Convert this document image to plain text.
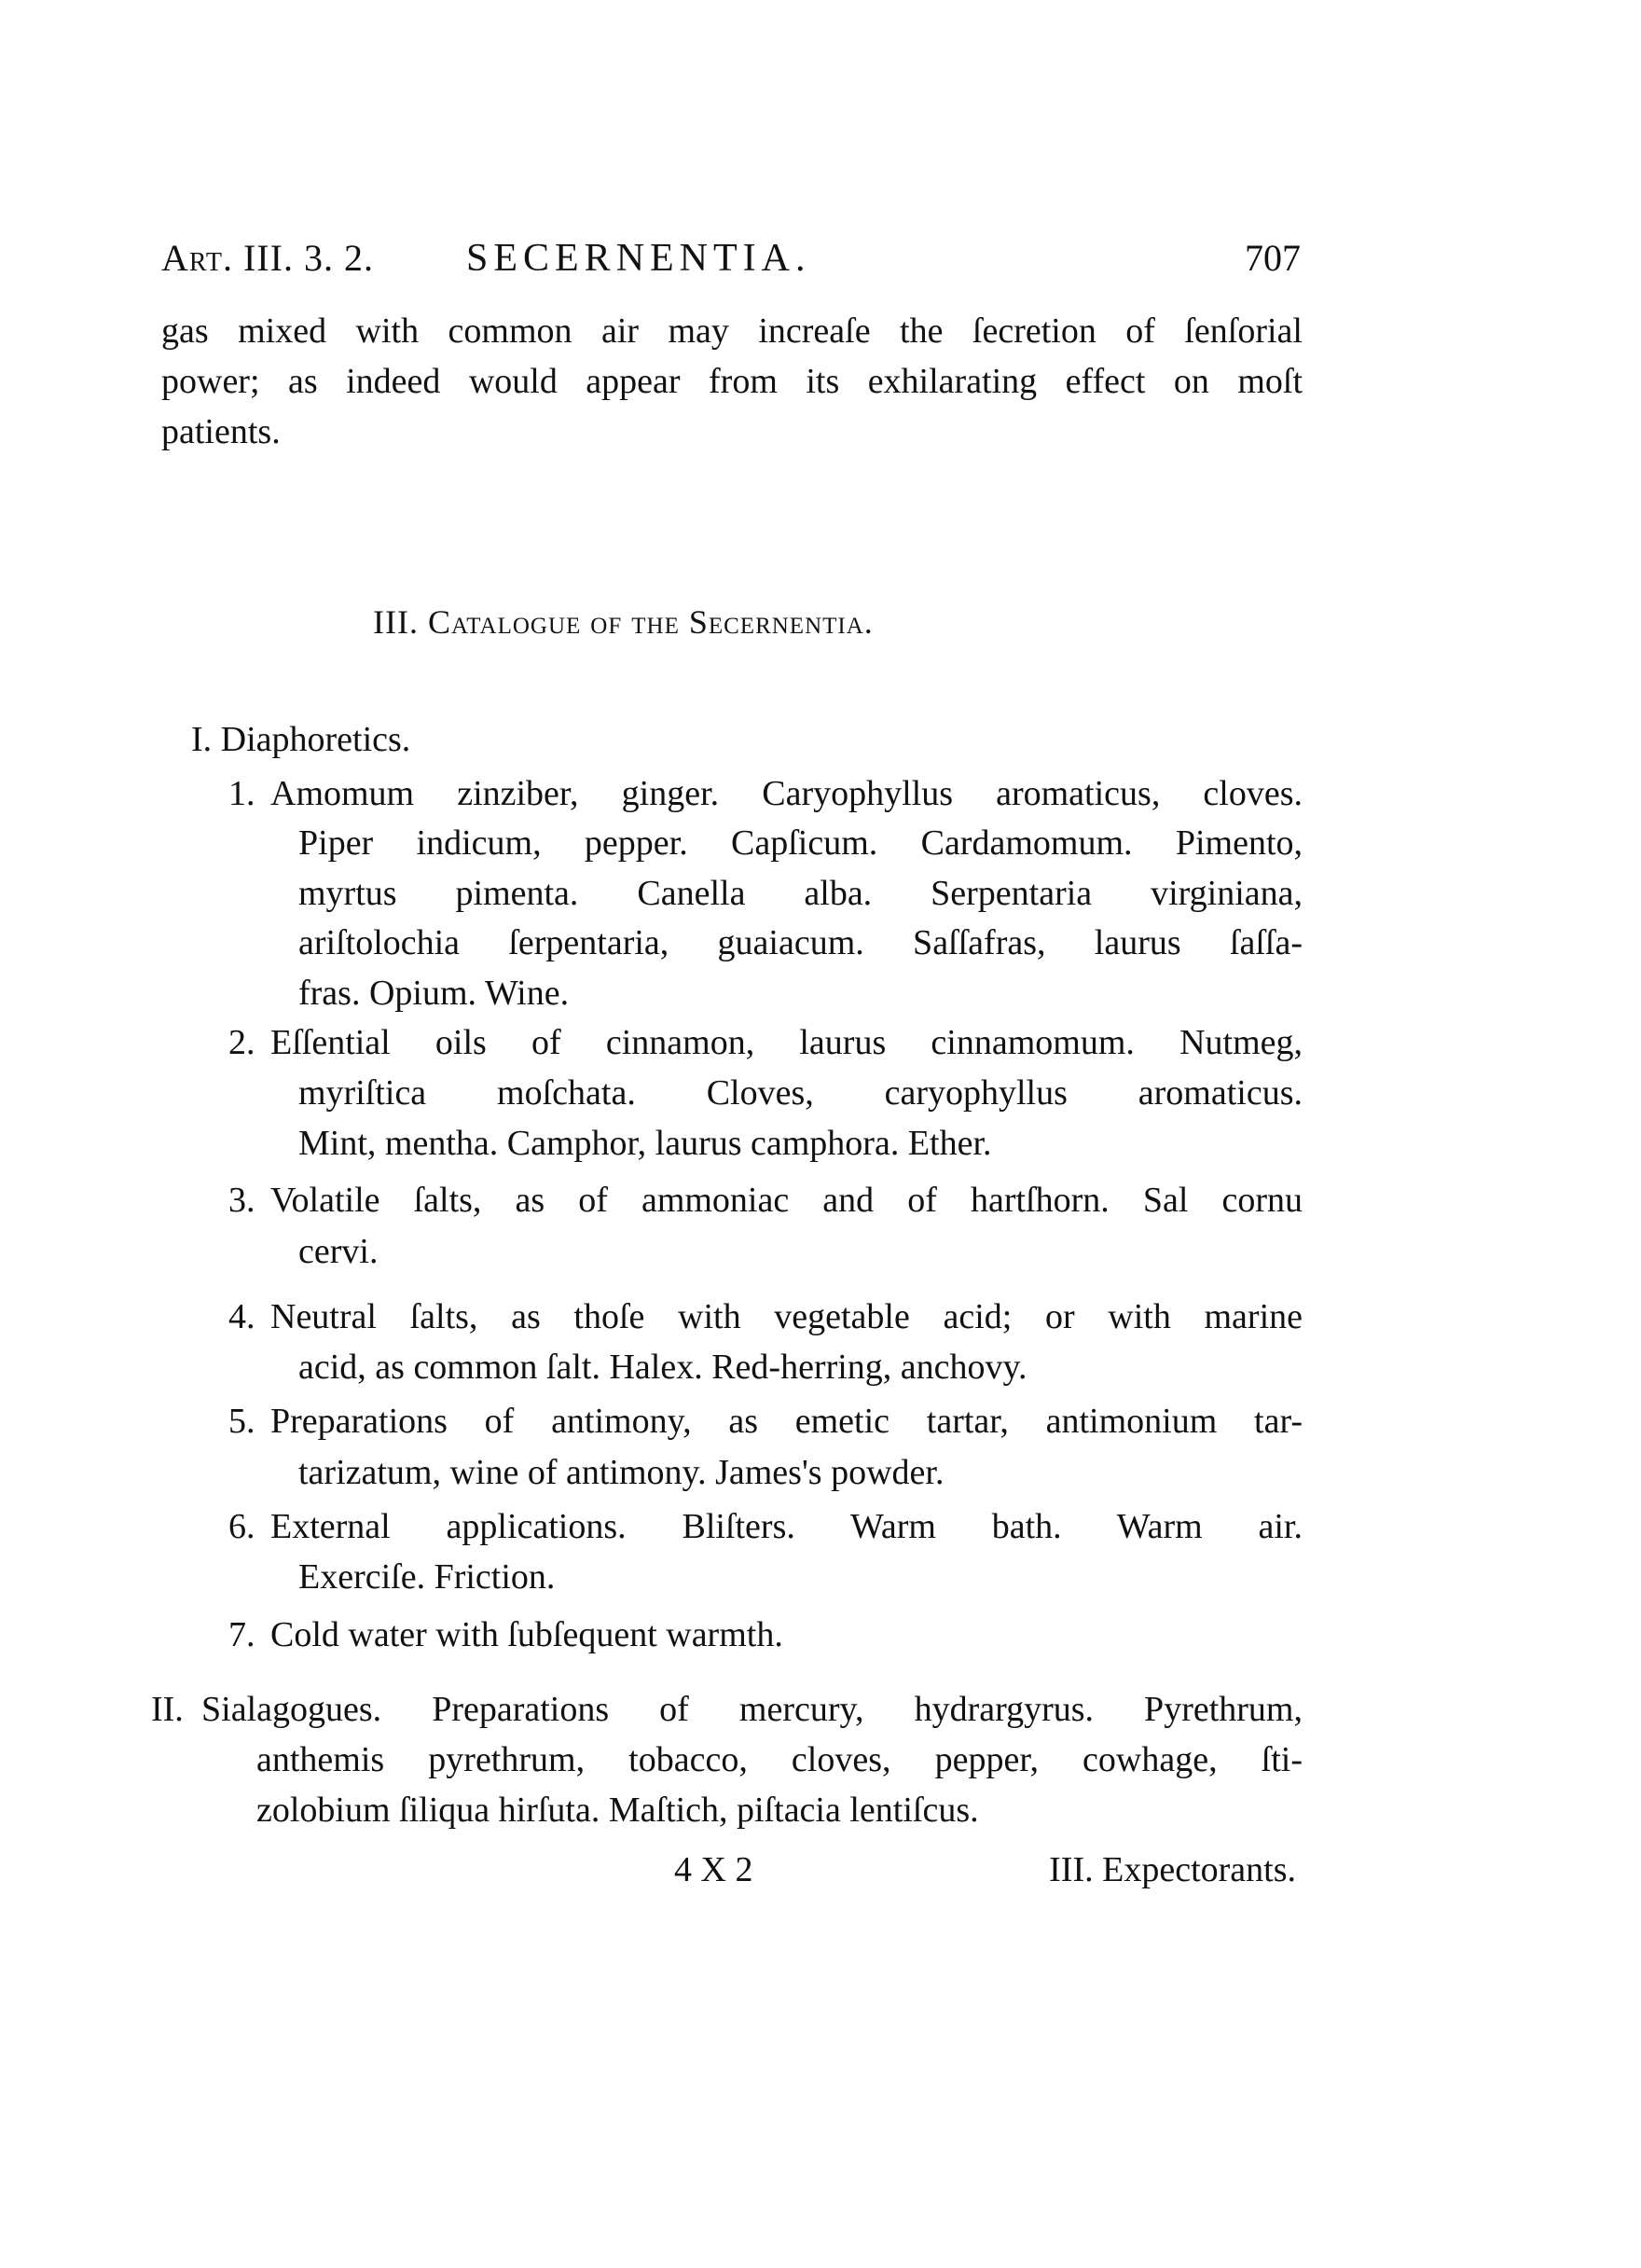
Art. III. 3. 2. SECERNENTIA.	707
gas mixed with common air may increaſe the ſecretion of ſenſorial
power; as indeed would appear from its exhilarating effect on moſt
patients.
III. Catalogue of the Secernentia.
I. Diaphoretics.
1. Amomum zinziber, ginger. Caryophyllus aromaticus, cloves.
Piper indicum, pepper. Capſicum. Cardamomum. Pimento,
myrtus pimenta. Canella alba. Serpentaria virginiana,
ariſtolochia ſerpentaria, guaiacum. Saſſafras, laurus ſaſſa-
fras. Opium. Wine.
2. Eſſential oils of cinnamon, laurus cinnamomum. Nutmeg,
myriſtica moſchata. Cloves, caryophyllus aromaticus.
Mint, mentha. Camphor, laurus camphora. Ether.
3. Volatile ſalts, as of ammoniac and of hartſhorn. Sal cornu
cervi.
4. Neutral ſalts, as thoſe with vegetable acid; or with marine
acid, as common ſalt. Halex. Red-herring, anchovy.
5. Preparations of antimony, as emetic tartar, antimonium tar-
tarizatum, wine of antimony. James's powder.
6. External applications. Bliſters. Warm bath. Warm air.
Exerciſe. Friction.
7. Cold water with ſubſequent warmth.
II. Sialagogues. Preparations of mercury, hydrargyrus. Pyrethrum,
anthemis pyrethrum, tobacco, cloves, pepper, cowhage, ſti-
zolobium ſiliqua hirſuta. Maſtich, piſtacia lentiſcus.
4 X 2	III. Expectorants.
